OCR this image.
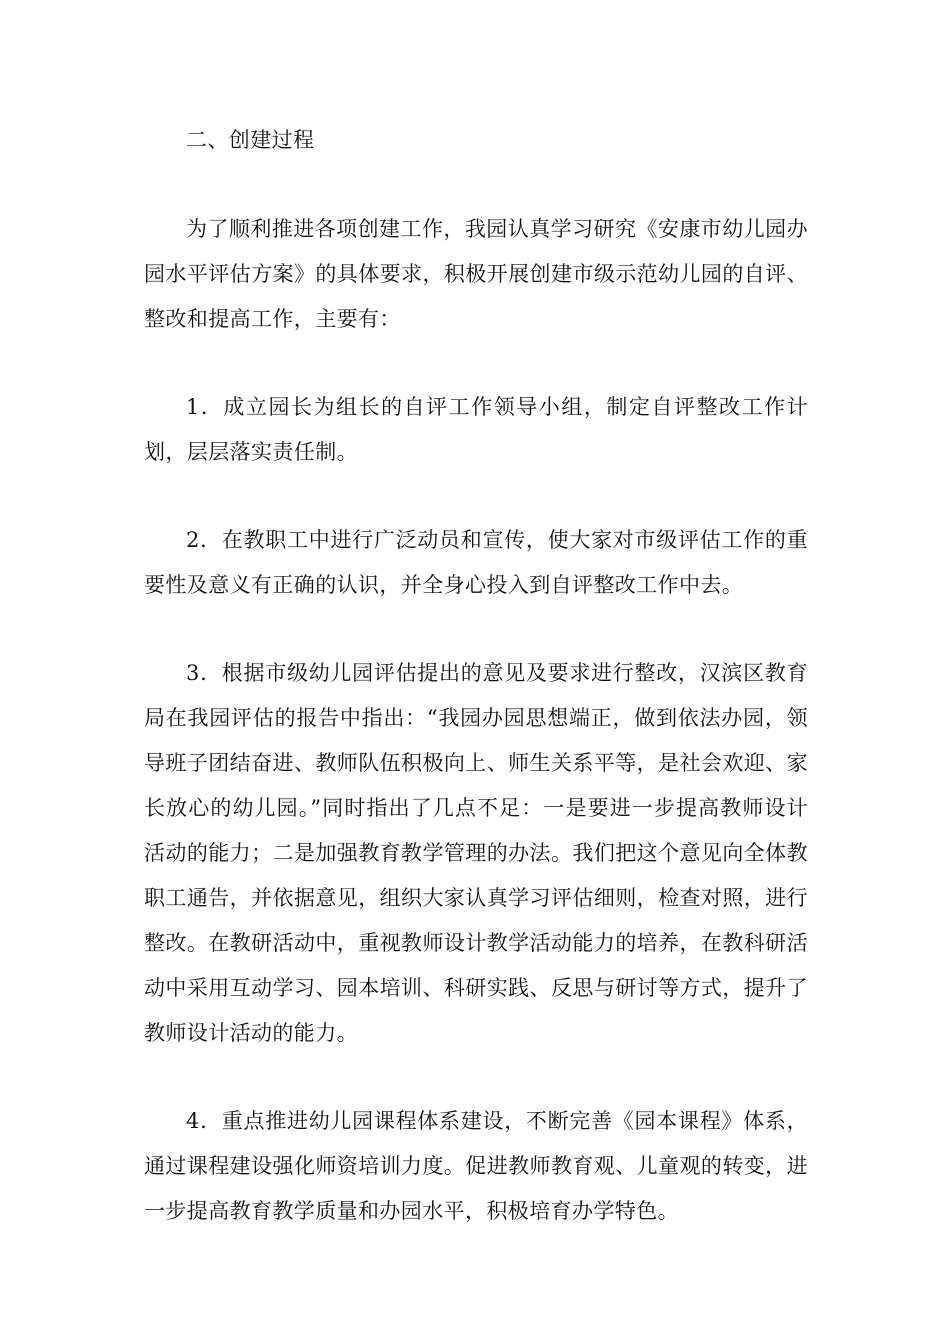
二、创建过程

为了顺利推进各项创建工作，我园认真学习研究《安康市幼儿园办园水平评估方案》的具体要求，积极开展创建市级示范幼儿园的自评、整改和提高工作，主要有：

1．成立园长为组长的自评工作领导小组，制定自评整改工作计划，层层落实责任制。

2．在教职工中进行广泛动员和宣传，使大家对市级评估工作的重要性及意义有正确的认识，并全身心投入到自评整改工作中去。

3．根据市级幼儿园评估提出的意见及要求进行整改，汉滨区教育局在我园评估的报告中指出：“我园办园思想端正，做到依法办园，领导班子团结奋进、教师队伍积极向上、师生关系平等，是社会欢迎、家长放心的幼儿园。”同时指出了几点不足：一是要进一步提高教师设计活动的能力；二是加强教育教学管理的办法。我们把这个意见向全体教职工通告，并依据意见，组织大家认真学习评估细则，检查对照，进行整改。在教研活动中，重视教师设计教学活动能力的培养，在教科研活动中采用互动学习、园本培训、科研实践、反思与研讨等方式，提升了教师设计活动的能力。

4．重点推进幼儿园课程体系建设，不断完善《园本课程》体系，通过课程建设强化师资培训力度。促进教师教育观、儿童观的转变，进一步提高教育教学质量和办园水平，积极培育办学特色。
